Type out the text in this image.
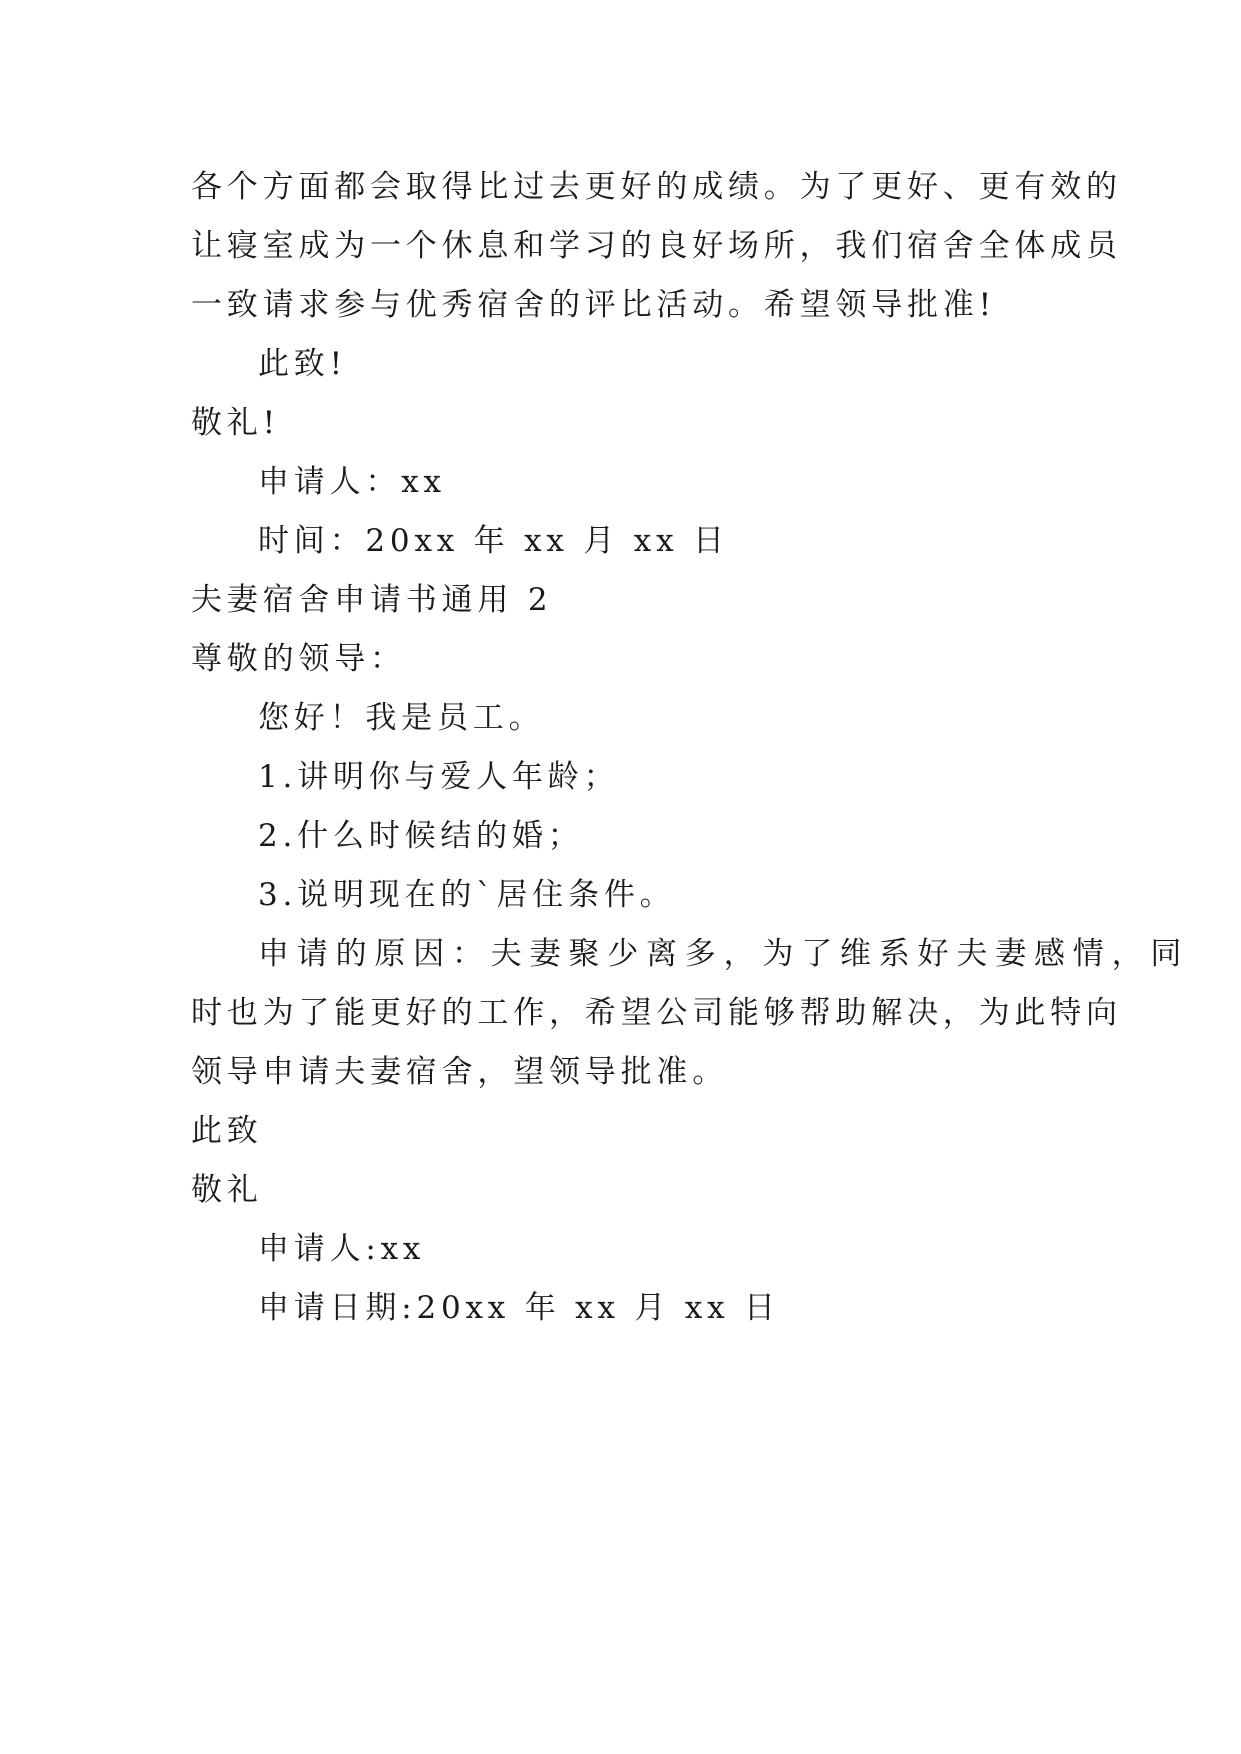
各个方面都会取得比过去更好的成绩。为了更好、更有效的
让寝室成为一个休息和学习的良好场所，我们宿舍全体成员
一致请求参与优秀宿舍的评比活动。希望领导批准!
此致!
敬礼!
申请人：xx
时间：20xx 年 xx 月 xx 日
夫妻宿舍申请书通用 2
尊敬的领导：
您好！我是员工。
1.讲明你与爱人年龄；
2.什么时候结的婚；
3.说明现在的`居住条件。
申请的原因：夫妻聚少离多，为了维系好夫妻感情，同
时也为了能更好的工作，希望公司能够帮助解决，为此特向
领导申请夫妻宿舍，望领导批准。
此致
敬礼
申请人:xx
申请日期:20xx 年 xx 月 xx 日
